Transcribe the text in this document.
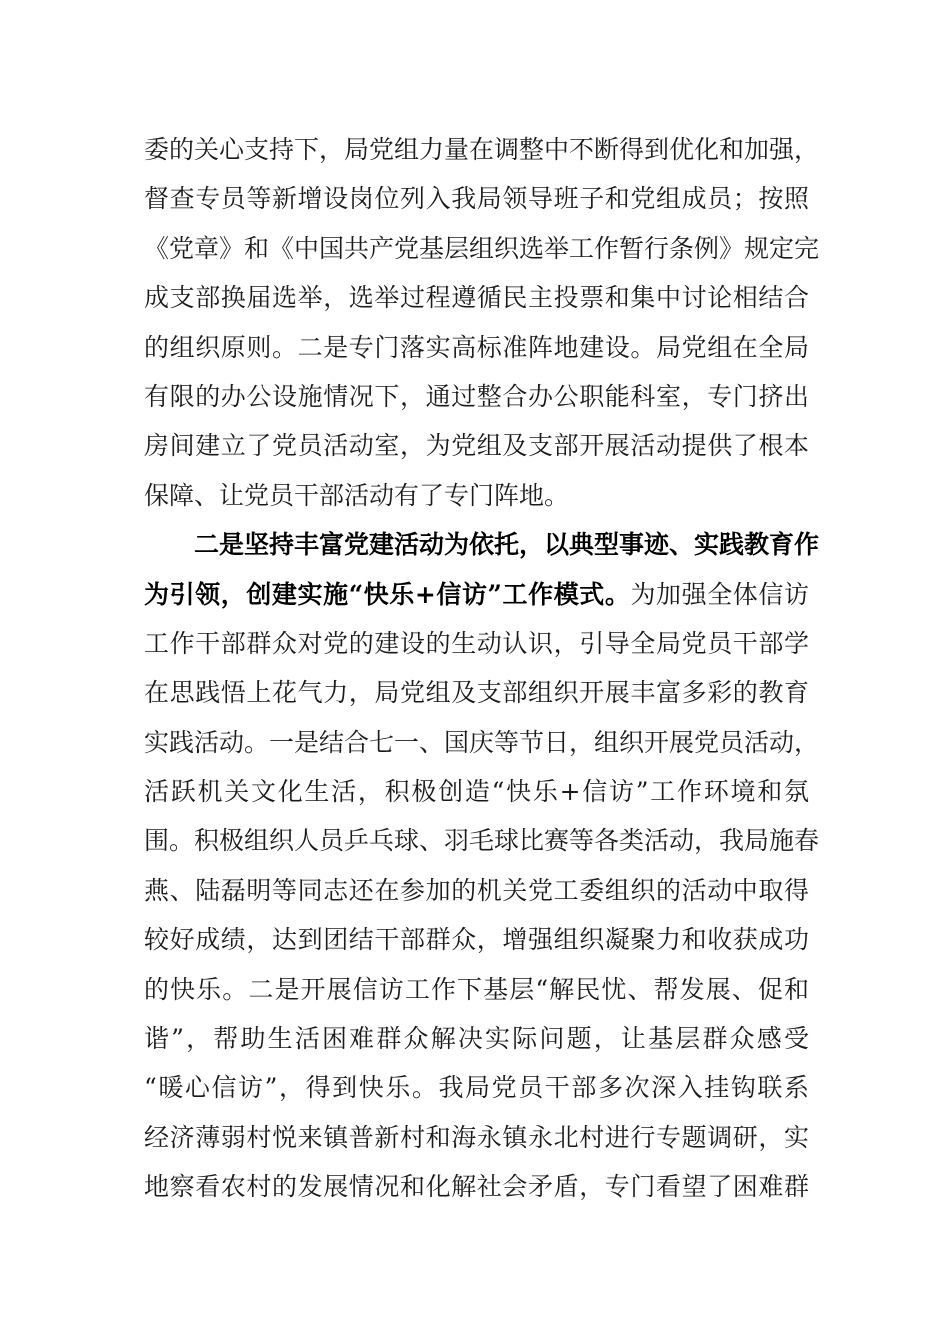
委的关心支持下，局党组力量在调整中不断得到优化和加强，
督查专员等新增设岗位列入我局领导班子和党组成员；按照
《党章》和《中国共产党基层组织选举工作暂行条例》规定完
成支部换届选举，选举过程遵循民主投票和集中讨论相结合
的组织原则。二是专门落实高标准阵地建设。局党组在全局
有限的办公设施情况下，通过整合办公职能科室，专门挤出
房间建立了党员活动室，为党组及支部开展活动提供了根本
保障、让党员干部活动有了专门阵地。
二是坚持丰富党建活动为依托，以典型事迹、实践教育作
为引领，创建实施“快乐+信访”工作模式。为加强全体信访
工作干部群众对党的建设的生动认识，引导全局党员干部学
在思践悟上花气力，局党组及支部组织开展丰富多彩的教育
实践活动。一是结合七一、国庆等节日，组织开展党员活动，
活跃机关文化生活，积极创造“快乐+信访”工作环境和氛
围。积极组织人员乒乓球、羽毛球比赛等各类活动，我局施春
燕、陆磊明等同志还在参加的机关党工委组织的活动中取得
较好成绩，达到团结干部群众，增强组织凝聚力和收获成功
的快乐。二是开展信访工作下基层“解民忧、帮发展、促和
谐”，帮助生活困难群众解决实际问题，让基层群众感受
“暖心信访”，得到快乐。我局党员干部多次深入挂钩联系
经济薄弱村悦来镇普新村和海永镇永北村进行专题调研，实
地察看农村的发展情况和化解社会矛盾，专门看望了困难群
